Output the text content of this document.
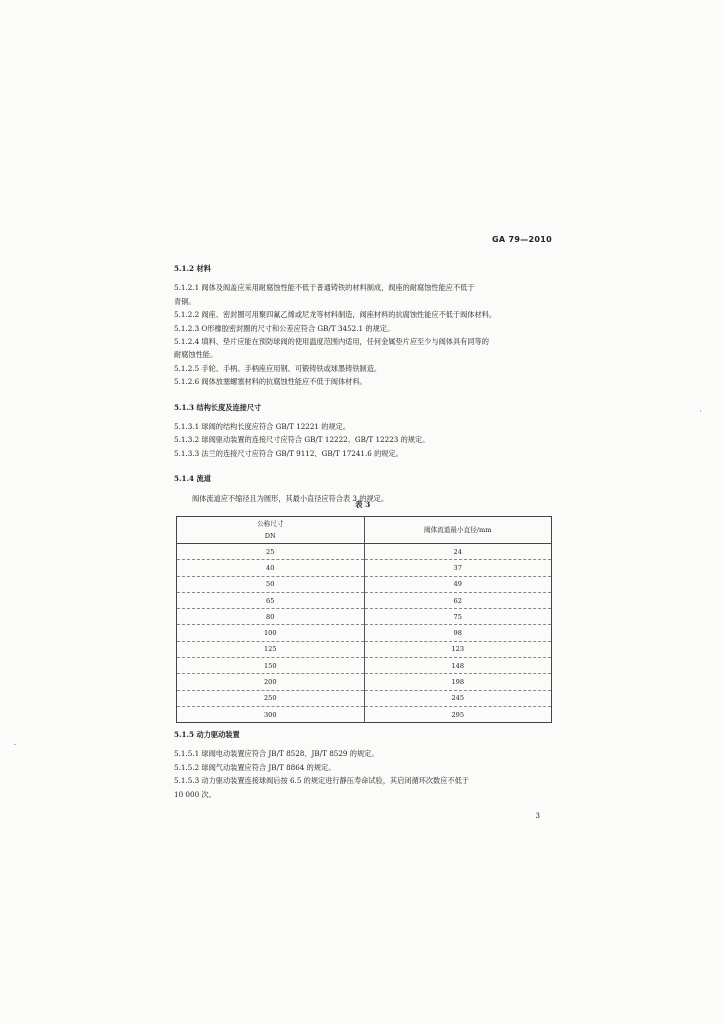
GA 79—2010

5.1.2 材料

5.1.2.1 阀体及阀盖应采用耐腐蚀性能不低于普通铸铁的材料制成，阀座的耐腐蚀性能应不低于

青铜。

5.1.2.2 阀座、密封圈可用聚四氟乙烯或尼龙等材料制造，阀座材料的抗腐蚀性能应不低于阀体材料。

5.1.2.3 O形橡胶密封圈的尺寸和公差应符合 GB/T 3452.1 的规定。

5.1.2.4 填料、垫片应能在预防球阀的使用温度范围内适用，任何金属垫片应至少与阀体具有同等的

耐腐蚀性能。

5.1.2.5 手轮、手柄、手柄座应用钢、可锻铸铁或球墨铸铁制造。

5.1.2.6 阀体放塞螺塞材料的抗腐蚀性能应不低于阀体材料。

5.1.3 结构长度及连接尺寸

5.1.3.1 球阀的结构长度应符合 GB/T 12221 的规定。

5.1.3.2 球阀驱动装置的连接尺寸应符合 GB/T 12222、GB/T 12223 的规定。

5.1.3.3 法兰的连接尺寸应符合 GB/T 9112、GB/T 17241.6 的规定。

5.1.4 流道

阀体流道应不缩径且为圆形，其最小直径应符合表 3 的规定。

表 3
公称尺寸
DN	阀体流道最小直径/mm
25	24
40	37
50	49
65	62
80	75
100	98
125	123
150	148
200	198
250	245
300	295

5.1.5 动力驱动装置

5.1.5.1 球阀电动装置应符合 JB/T 8528、JB/T 8529 的规定。

5.1.5.2 球阀气动装置应符合 JB/T 8864 的规定。

5.1.5.3 动力驱动装置连接球阀后按 6.5 的规定进行静压寿命试验，其启闭循环次数应不低于

10 000 次。

3
